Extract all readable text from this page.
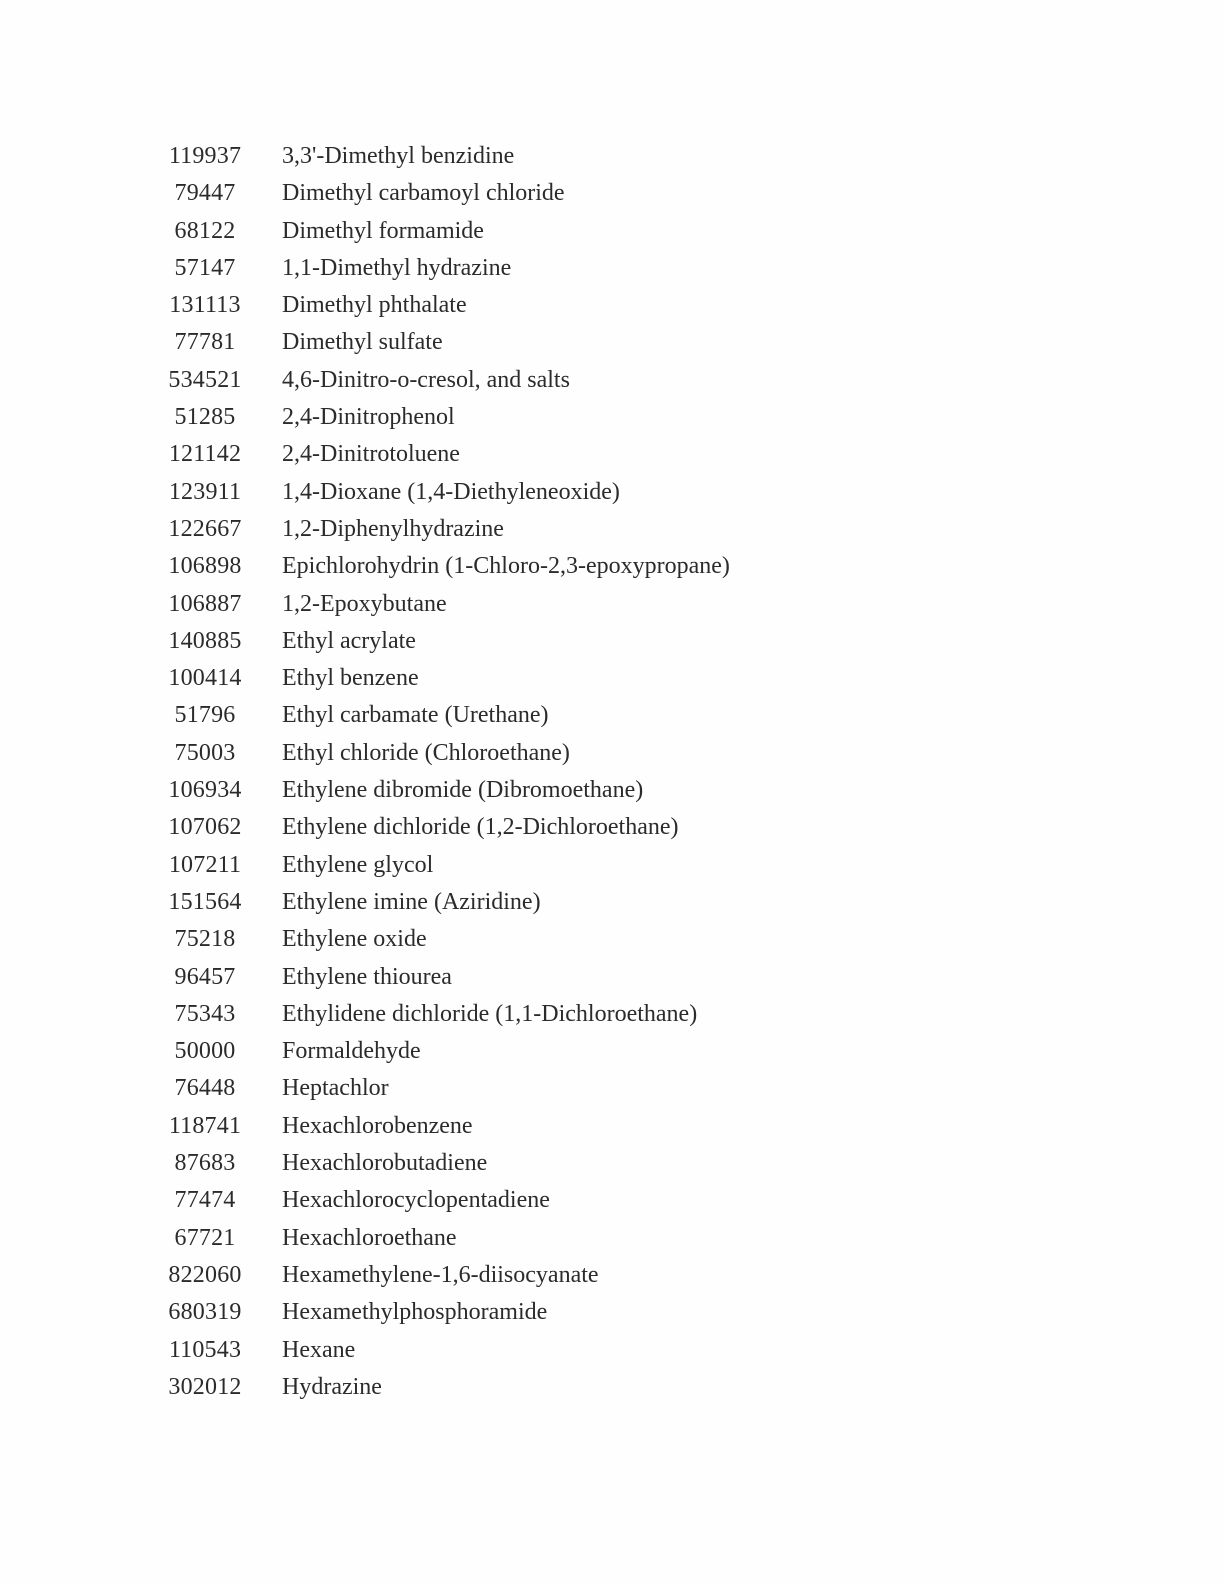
119937	3,3'-Dimethyl benzidine
79447	Dimethyl carbamoyl chloride
68122	Dimethyl formamide
57147	1,1-Dimethyl hydrazine
131113	Dimethyl phthalate
77781	Dimethyl sulfate
534521	4,6-Dinitro-o-cresol, and salts
51285	2,4-Dinitrophenol
121142	2,4-Dinitrotoluene
123911	1,4-Dioxane (1,4-Diethyleneoxide)
122667	1,2-Diphenylhydrazine
106898	Epichlorohydrin (1-Chloro-2,3-epoxypropane)
106887	1,2-Epoxybutane
140885	Ethyl acrylate
100414	Ethyl benzene
51796	Ethyl carbamate (Urethane)
75003	Ethyl chloride (Chloroethane)
106934	Ethylene dibromide (Dibromoethane)
107062	Ethylene dichloride (1,2-Dichloroethane)
107211	Ethylene glycol
151564	Ethylene imine (Aziridine)
75218	Ethylene oxide
96457	Ethylene thiourea
75343	Ethylidene dichloride (1,1-Dichloroethane)
50000	Formaldehyde
76448	Heptachlor
118741	Hexachlorobenzene
87683	Hexachlorobutadiene
77474	Hexachlorocyclopentadiene
67721	Hexachloroethane
822060	Hexamethylene-1,6-diisocyanate
680319	Hexamethylphosphoramide
110543	Hexane
302012	Hydrazine
